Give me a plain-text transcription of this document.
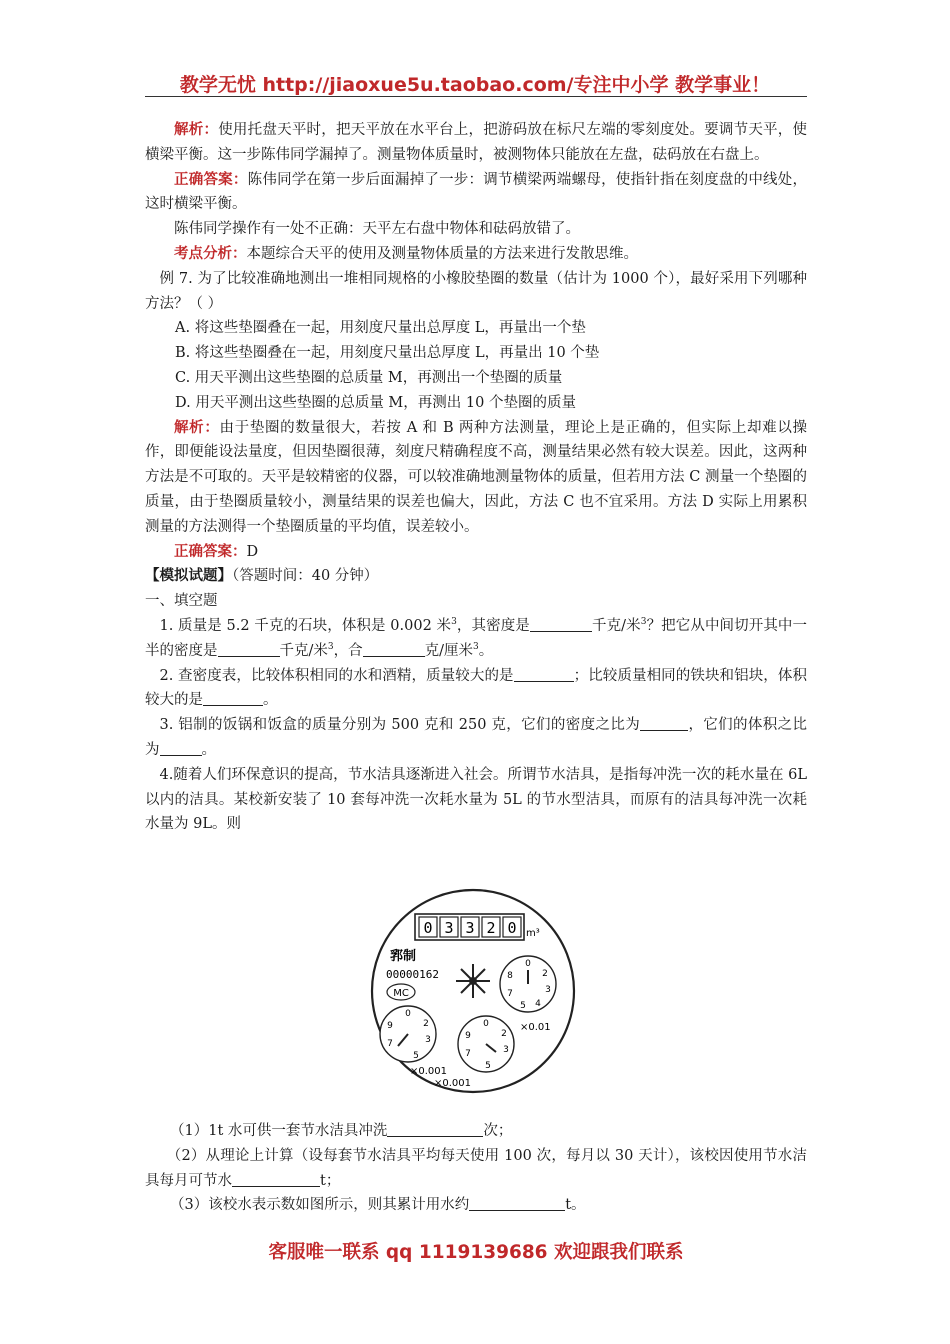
教学无忧 http://jiaoxue5u.taobao.com/专注中小学 教学事业！

解析：使用托盘天平时，把天平放在水平台上，把游码放在标尺左端的零刻度处。要调节天平，使横梁平衡。这一步陈伟同学漏掉了。测量物体质量时，被测物体只能放在左盘，砝码放在右盘上。

正确答案：陈伟同学在第一步后面漏掉了一步：调节横梁两端螺母，使指针指在刻度盘的中线处，这时横梁平衡。

陈伟同学操作有一处不正确：天平左右盘中物体和砝码放错了。

考点分析：本题综合天平的使用及测量物体质量的方法来进行发散思维。

例 7. 为了比较准确地测出一堆相同规格的小橡胶垫圈的数量（估计为 1000 个），最好采用下列哪种方法？（ ）

A. 将这些垫圈叠在一起，用刻度尺量出总厚度 L，再量出一个垫

B. 将这些垫圈叠在一起，用刻度尺量出总厚度 L，再量出 10 个垫

C. 用天平测出这些垫圈的总质量 M，再测出一个垫圈的质量

D. 用天平测出这些垫圈的总质量 M，再测出 10 个垫圈的质量

解析：由于垫圈的数量很大，若按 A 和 B 两种方法测量，理论上是正确的，但实际上却难以操作，即便能设法量度，但因垫圈很薄，刻度尺精确程度不高，测量结果必然有较大误差。因此，这两种方法是不可取的。天平是较精密的仪器，可以较准确地测量物体的质量，但若用方法 C 测量一个垫圈的质量，由于垫圈质量较小，测量结果的误差也偏大，因此，方法 C 也不宜采用。方法 D 实际上用累积测量的方法测得一个垫圈质量的平均值，误差较小。

正确答案：D

【模拟试题】（答题时间：40 分钟）

一、填空题

1. 质量是 5.2 千克的石块，体积是 0.002 米$^3$，其密度是	千克/米$^3$？把它从中间切开其中一半的密度是	千克/米$^3$，合	克/厘米$^3$。

2. 查密度表，比较体积相同的水和酒精，质量较大的是	；比较质量相同的铁块和铝块，体积较大的是	。

3. 铝制的饭锅和饭盒的质量分别为 500 克和 250 克，它们的密度之比为	，它们的体积之比为	。

4.随着人们环保意识的提高，节水洁具逐渐进入社会。所谓节水洁具，是指每冲洗一次的耗水量在 6L 以内的洁具。某校新安装了 10 套每冲洗一次耗水量为 5L 的节水型洁具，而原有的洁具每冲洗一次耗水量为 9L。则

0 3 3 2 0 m³
郛制
00000162
MC
0
2
3
4
5
7
8
×0.01
0
2
3
5
7
9
×0.001
0
2
3
5
7
9
×0.001

（1）1t 水可供一套节水洁具冲洗	次；

（2）从理论上计算（设每套节水洁具平均每天使用 100 次，每月以 30 天计），该校因使用节水洁具每月可节水	t；

（3）该校水表示数如图所示，则其累计用水约	t。

客服唯一联系 qq 1119139686 欢迎跟我们联系
